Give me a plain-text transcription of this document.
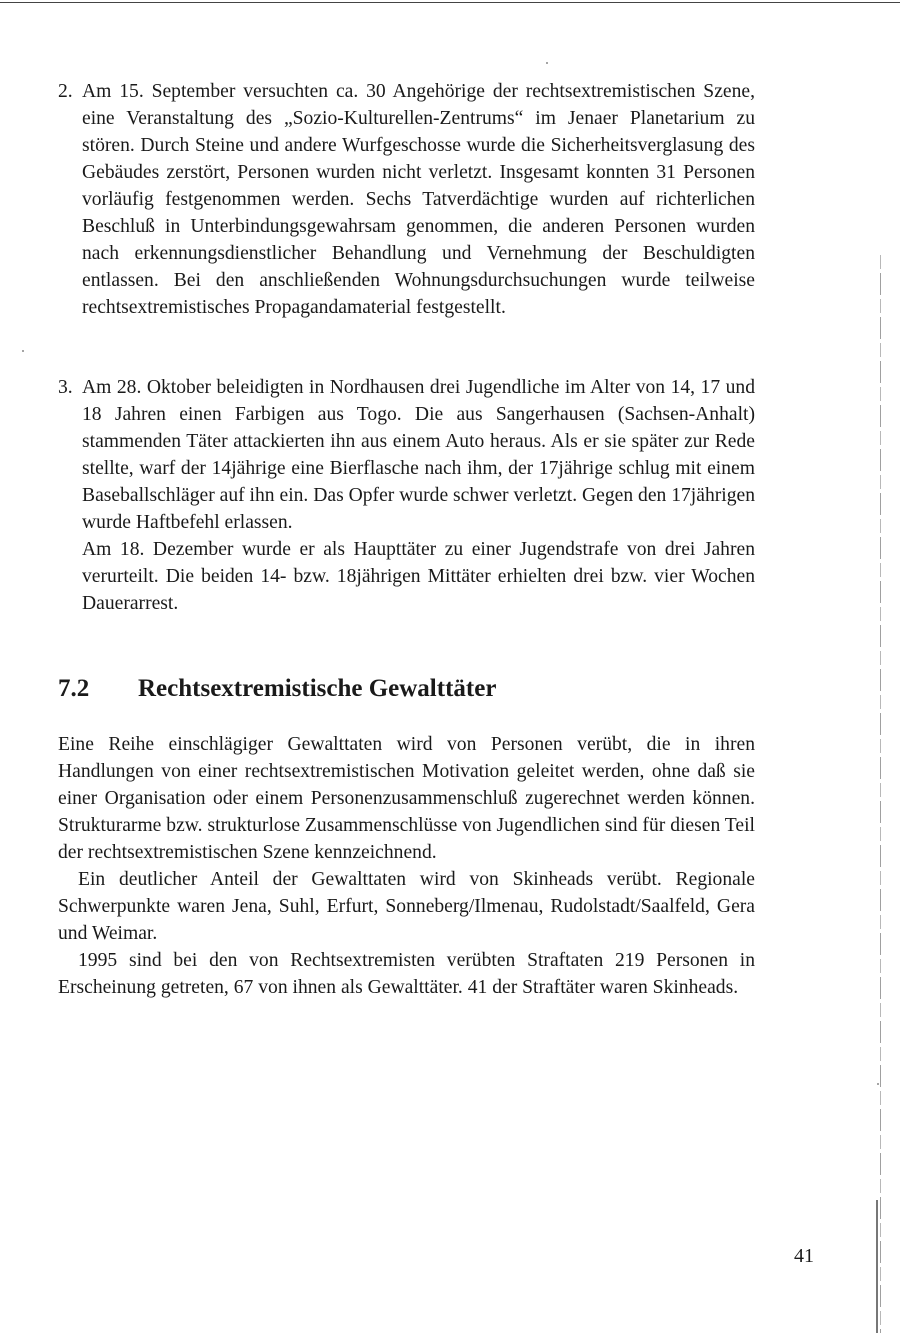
2. Am 15. September versuchten ca. 30 Angehörige der rechtsextremistischen Szene, eine Veranstaltung des „Sozio-Kulturellen-Zentrums“ im Jenaer Planetarium zu stören. Durch Steine und andere Wurfgeschosse wurde die Sicherheitsverglasung des Gebäudes zerstört, Personen wurden nicht verletzt. Insgesamt konnten 31 Personen vorläufig festgenommen werden. Sechs Tatverdächtige wurden auf richterlichen Beschluß in Unterbindungsgewahrsam genommen, die anderen Personen wurden nach erkennungsdienstlicher Behandlung und Vernehmung der Beschuldigten entlassen. Bei den anschließenden Wohnungsdurchsuchungen wurde teilweise rechtsextremistisches Propagandamaterial festgestellt.

3. Am 28. Oktober beleidigten in Nordhausen drei Jugendliche im Alter von 14, 17 und 18 Jahren einen Farbigen aus Togo. Die aus Sangerhausen (Sachsen-Anhalt) stammenden Täter attackierten ihn aus einem Auto heraus. Als er sie später zur Rede stellte, warf der 14jährige eine Bierflasche nach ihm, der 17jährige schlug mit einem Baseballschläger auf ihn ein. Das Opfer wurde schwer verletzt. Gegen den 17jährigen wurde Haftbefehl erlassen.

Am 18. Dezember wurde er als Haupttäter zu einer Jugendstrafe von drei Jahren verurteilt. Die beiden 14- bzw. 18jährigen Mittäter erhielten drei bzw. vier Wochen Dauerarrest.

7.2 Rechtsextremistische Gewalttäter

Eine Reihe einschlägiger Gewalttaten wird von Personen verübt, die in ihren Handlungen von einer rechtsextremistischen Motivation geleitet werden, ohne daß sie einer Organisation oder einem Personenzusammenschluß zugerechnet werden können. Strukturarme bzw. strukturlose Zusammenschlüsse von Jugendlichen sind für diesen Teil der rechtsextremistischen Szene kennzeichnend.

Ein deutlicher Anteil der Gewalttaten wird von Skinheads verübt. Regionale Schwerpunkte waren Jena, Suhl, Erfurt, Sonneberg/Ilmenau, Rudolstadt/Saalfeld, Gera und Weimar.

1995 sind bei den von Rechtsextremisten verübten Straftaten 219 Personen in Erscheinung getreten, 67 von ihnen als Gewalttäter. 41 der Straftäter waren Skinheads.

41
